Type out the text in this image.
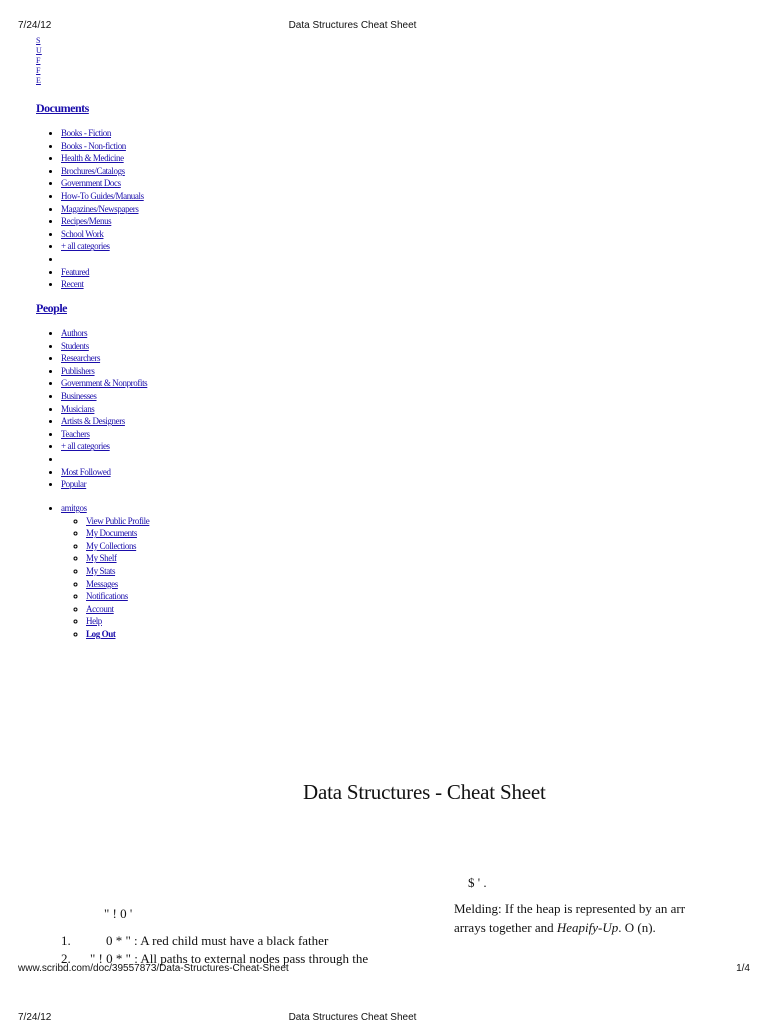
7/24/12	Data Structures Cheat Sheet
S
U
F
F
E
Documents
• Books - Fiction
• Books - Non-fiction
• Health & Medicine
• Brochures/Catalogs
• Government Docs
• How-To Guides/Manuals
• Magazines/Newspapers
• Recipes/Menus
• School Work
• + all categories
•
• Featured
• Recent
People
• Authors
• Students
• Researchers
• Publishers
• Government & Nonprofits
• Businesses
• Musicians
• Artists & Designers
• Teachers
• + all categories
•
• Most Followed
• Popular
• amitgos
◦ View Public Profile
◦ My Documents
◦ My Collections
◦ My Shelf
◦ My Stats
◦ Messages
◦ Notifications
◦ Account
◦ Help
◦ Log Out
Data Structures - Cheat Sheet
$ ' .
" ! 0 '	Melding: If the heap is represented by an arr
arrays together and Heapify-Up. O (n).
1.	0 * " : A red child must have a black father
2. " ! 0 * " : All paths to external nodes pass through the
www.scribd.com/doc/39557873/Data-Structures-Cheat-Sheet	1/4
7/24/12	Data Structures Cheat Sheet
